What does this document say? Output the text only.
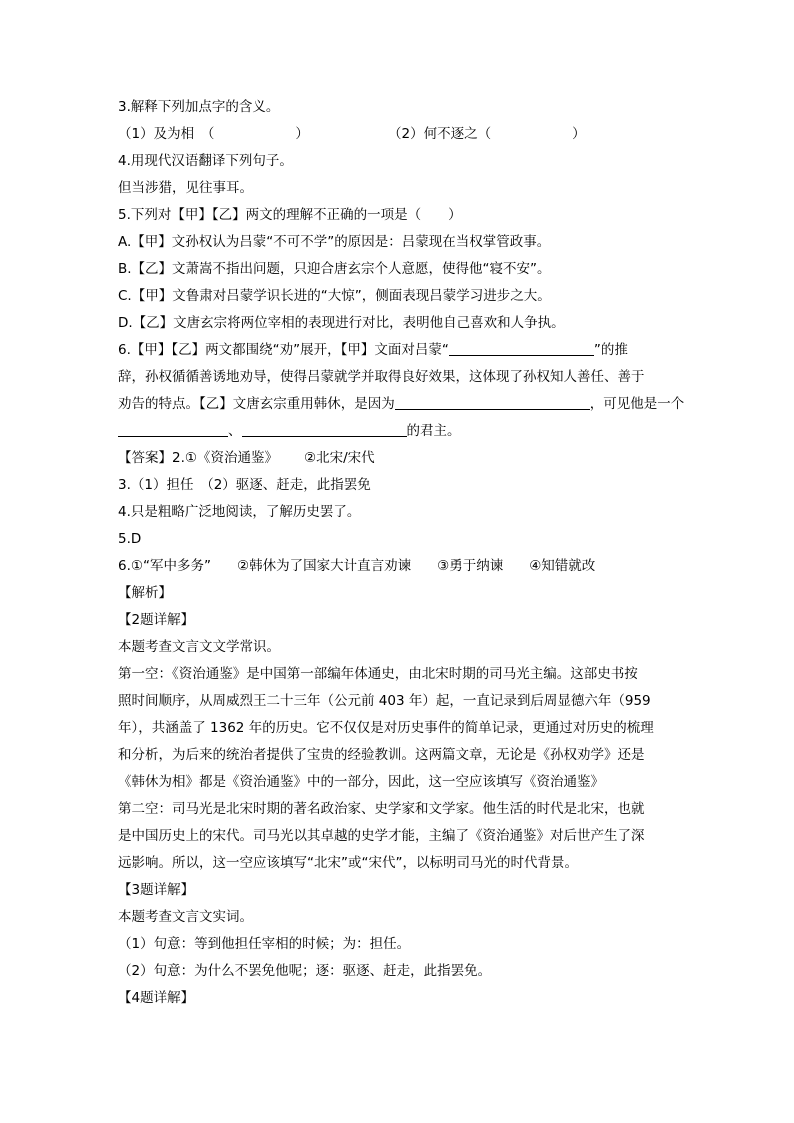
3.解释下列加点字的含义。
（1）及为相　（　　　　　　）	（2）何不逐之（　　　　　　）
4.用现代汉语翻译下列句子。
但当涉猎，见往事耳。
5.下列对【甲】【乙】两文的理解不正确的一项是（　　）
A.【甲】文孙权认为吕蒙“不可不学”的原因是：吕蒙现在当权掌管政事。
B.【乙】文萧嵩不指出问题，只迎合唐玄宗个人意愿，使得他“寝不安”。
C.【甲】文鲁肃对吕蒙学识长进的“大惊”，侧面表现吕蒙学习进步之大。
D.【乙】文唐玄宗将两位宰相的表现进行对比，表明他自己喜欢和人争执。
6.【甲】【乙】两文都围绕“劝”展开，【甲】文面对吕蒙“	”的推
辞，孙权循循善诱地劝导，使得吕蒙就学并取得良好效果，这体现了孙权知人善任、善于
劝告的特点。【乙】文唐玄宗重用韩休，是因为	，可见他是一个
、	的君主。
【答案】2.①《资治通鉴》 ②北宋/宋代
3.（1）担任　（2）驱逐、赶走，此指罢免
4.只是粗略广泛地阅读，了解历史罢了。
5.D
6.①“军中多务” ②韩休为了国家大计直言劝谏 ③勇于纳谏 ④知错就改
【解析】
【2题详解】
本题考查文言文文学常识。
第一空：《资治通鉴》是中国第一部编年体通史，由北宋时期的司马光主编。这部史书按
照时间顺序，从周威烈王二十三年（公元前 403 年）起，一直记录到后周显德六年（959
年），共涵盖了 1362 年的历史。它不仅仅是对历史事件的简单记录，更通过对历史的梳理
和分析，为后来的统治者提供了宝贵的经验教训。这两篇文章，无论是《孙权劝学》还是
《韩休为相》都是《资治通鉴》中的一部分，因此，这一空应该填写《资治通鉴》
第二空：司马光是北宋时期的著名政治家、史学家和文学家。他生活的时代是北宋，也就
是中国历史上的宋代。司马光以其卓越的史学才能，主编了《资治通鉴》对后世产生了深
远影响。所以，这一空应该填写“北宋”或“宋代”，以标明司马光的时代背景。
【3题详解】
本题考查文言文实词。
（1）句意：等到他担任宰相的时候；为：担任。
（2）句意：为什么不罢免他呢；逐：驱逐、赶走，此指罢免。
【4题详解】
